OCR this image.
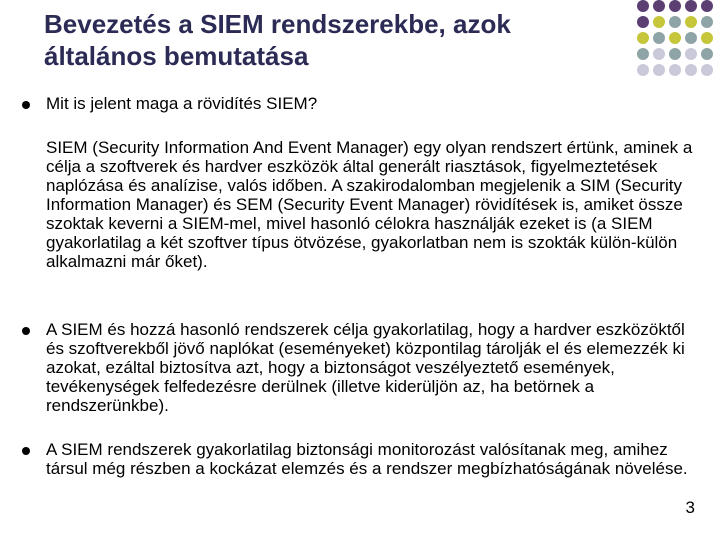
Bevezetés a SIEM rendszerekbe, azok általános bemutatása

Mit is jelent maga a rövidítés SIEM?

SIEM (Security Information And Event Manager) egy olyan rendszert értünk, aminek a célja a szoftverek és hardver eszközök által generált riasztások, figyelmeztetések naplózása és analízise, valós időben. A szakirodalomban megjelenik a SIM (Security Information Manager) és SEM (Security Event Manager) rövidítések is, amiket össze szoktak keverni a SIEM-mel, mivel hasonló célokra használják ezeket is (a SIEM gyakorlatilag a két szoftver típus ötvözése, gyakorlatban nem is szokták külön-külön alkalmazni már őket).

A SIEM és hozzá hasonló rendszerek célja gyakorlatilag, hogy a hardver eszközöktől és szoftverekből jövő naplókat (eseményeket) központilag tárolják el és elemezzék ki azokat, ezáltal biztosítva azt, hogy a biztonságot veszélyeztető események, tevékenységek felfedezésre derülnek (illetve kiderüljön az, ha betörnek a rendszerünkbe).

A SIEM rendszerek gyakorlatilag biztonsági monitorozást valósítanak meg, amihez társul még részben a kockázat elemzés és a rendszer megbízhatóságának növelése.

3
